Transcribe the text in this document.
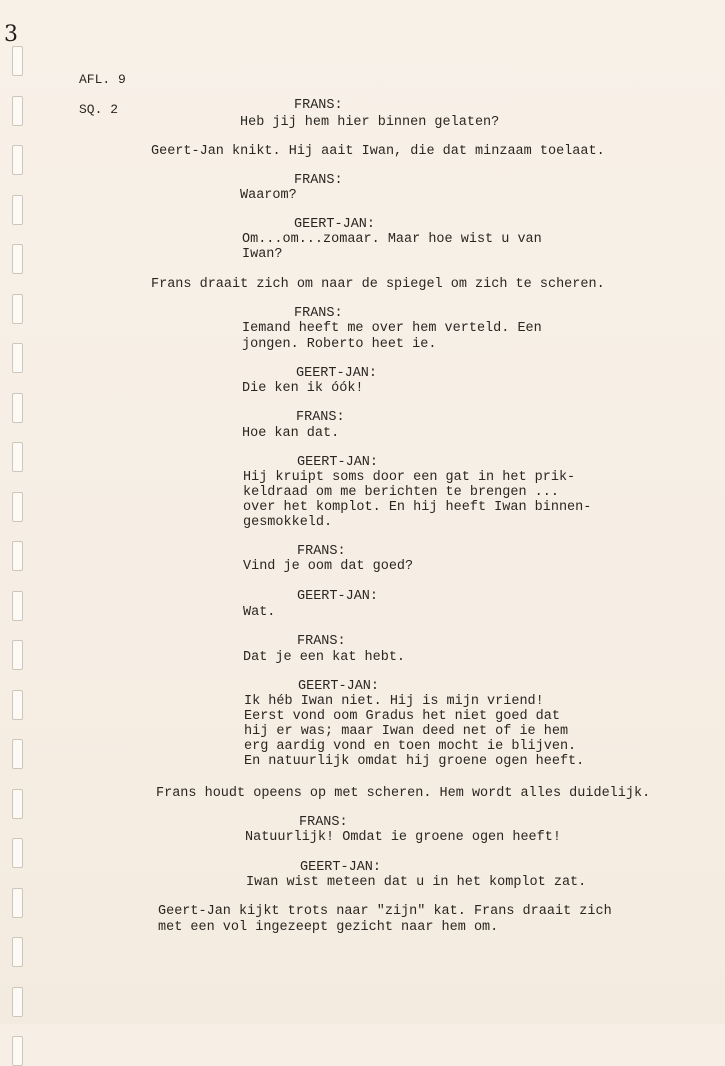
3
AFL. 9
SQ. 2	FRANS:
Heb jij hem hier binnen gelaten?
Geert-Jan knikt. Hij aait Iwan, die dat minzaam toelaat.
FRANS:
Waarom?
GEERT-JAN:
Om...om...zomaar. Maar hoe wist u van
Iwan?
Frans draait zich om naar de spiegel om zich te scheren.
FRANS:
Iemand heeft me over hem verteld. Een
jongen. Roberto heet ie.
GEERT-JAN:
Die ken ik óók!
FRANS:
Hoe kan dat.
GEERT-JAN:
Hij kruipt soms door een gat in het prik-
keldraad om me berichten te brengen ...
over het komplot. En hij heeft Iwan binnen-
gesmokkeld.
FRANS:
Vind je oom dat goed?
GEERT-JAN:
Wat.
FRANS:
Dat je een kat hebt.
GEERT-JAN:
Ik héb Iwan niet. Hij is mijn vriend!
Eerst vond oom Gradus het niet goed dat
hij er was; maar Iwan deed net of ie hem
erg aardig vond en toen mocht ie blijven.
En natuurlijk omdat hij groene ogen heeft.
Frans houdt opeens op met scheren. Hem wordt alles duidelijk.
FRANS:
Natuurlijk! Omdat ie groene ogen heeft!
GEERT-JAN:
Iwan wist meteen dat u in het komplot zat.
Geert-Jan kijkt trots naar "zijn" kat. Frans draait zich
met een vol ingezeept gezicht naar hem om.
